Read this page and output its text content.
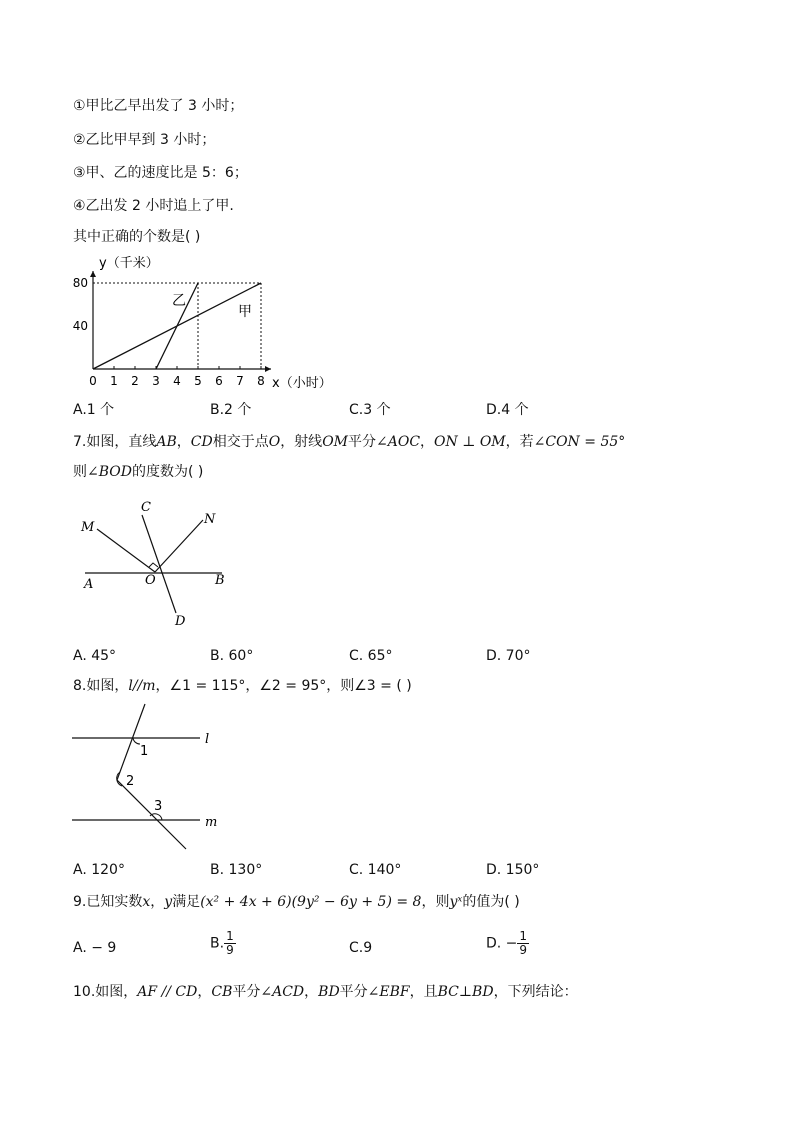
①甲比乙早出发了 3 小时；
②乙比甲早到 3 小时；
③甲、乙的速度比是 5：6；
④乙出发 2 小时追上了甲.
其中正确的个数是( )
0 1 2 3 4 5 6 7 8
40
80
甲
乙
x（小时）
y（千米）
A.1 个	B.2 个	C.3 个	D.4 个
7.如图，直线AB，CD相交于点O，射线OM平分∠AOC，ON ⊥ OM，若∠CON = 55°
则∠BOD的度数为( )
M
C
N
A	O	B
D
A. 45°	B. 60°	C. 65°	D. 70°
8.如图，l//m，∠1 = 115°，∠2 = 95°，则∠3 = ( )
l
m
1
2
3
A. 120°	B. 130°	C. 140°	D. 150°
9.已知实数x，y满足(x² + 4x + 6)(9y² − 6y + 5) = 8，则yˣ的值为( )
A. − 9	B. $\frac{1}{9}$	C.9	D. − $\frac{1}{9}$
10.如图，AF // CD，CB平分∠ACD，BD平分∠EBF，且BC⊥BD，下列结论：
